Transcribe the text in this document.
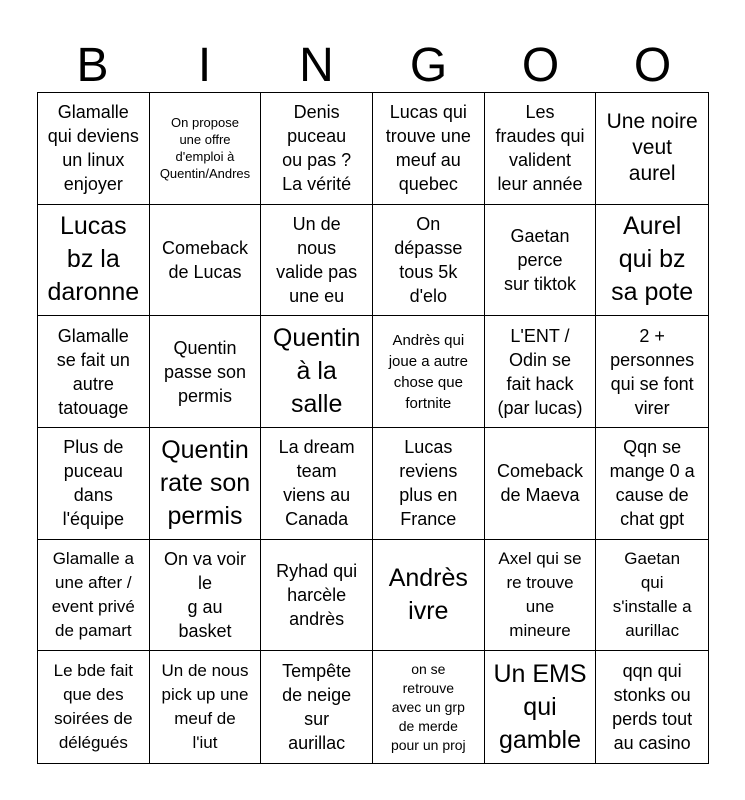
B	I	N	G	O	O
Glamalle
qui deviens
un linux
enjoyer
On propose
une offre
d'emploi à
Quentin/Andres
Denis
puceau
ou pas ?
La vérité
Lucas qui
trouve une
meuf au
quebec
Les
fraudes qui
valident
leur année
Une noire
veut
aurel
Lucas
bz la
daronne
Comeback
de Lucas
Un de
nous
valide pas
une eu
On
dépasse
tous 5k
d'elo
Gaetan
perce
sur tiktok
Aurel
qui bz
sa pote
Glamalle
se fait un
autre
tatouage
Quentin
passe son
permis
Quentin
à la
salle
Andrès qui
joue a autre
chose que
fortnite
L'ENT /
Odin se
fait hack
(par lucas)
2 +
personnes
qui se font
virer
Plus de
puceau
dans
l'équipe
Quentin
rate son
permis
La dream
team
viens au
Canada
Lucas
reviens
plus en
France
Comeback
de Maeva
Qqn se
mange 0 a
cause de
chat gpt
Glamalle a
une after /
event privé
de pamart
On va voir
le
g au
basket
Ryhad qui
harcèle
andrès
Andrès
ivre
Axel qui se
re trouve
une
mineure
Gaetan
qui
s'installe a
aurillac
Le bde fait
que des
soirées de
délégués
Un de nous
pick up une
meuf de
l'iut
Tempête
de neige
sur
aurillac
on se
retrouve
avec un grp
de merde
pour un proj
Un EMS
qui
gamble
qqn qui
stonks ou
perds tout
au casino
